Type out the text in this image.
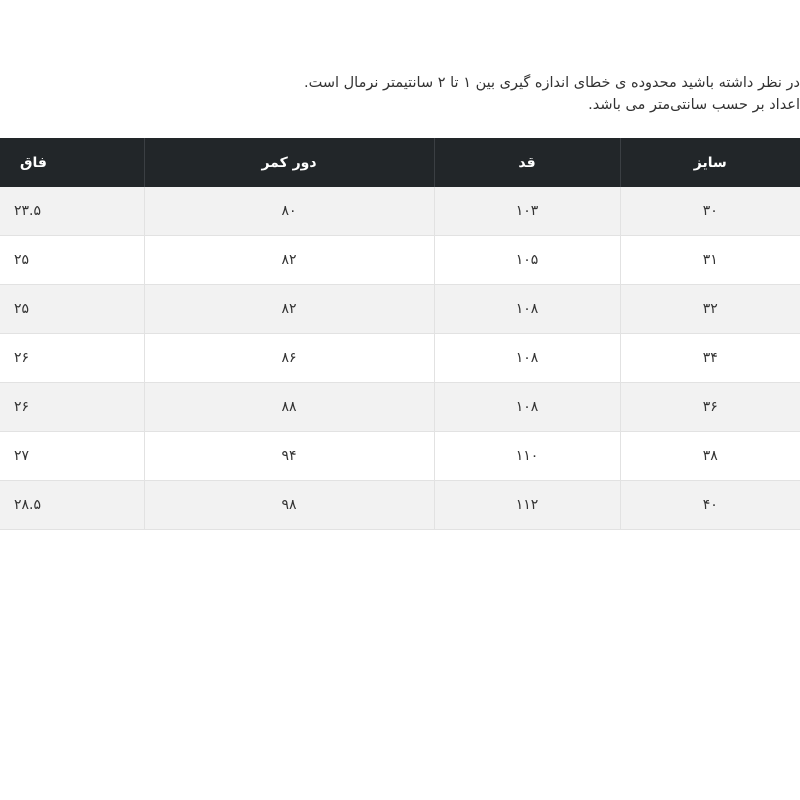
در نظر داشته باشید محدوده ی خطای اندازه گیری بین ۱ تا ۲ سانتیمتر نرمال است.

اعداد بر حسب سانتی‌متر می باشد.

فاق	دور کمر	قد	سایز
۲۳.۵	۸۰	۱۰۳	۳۰
۲۵	۸۲	۱۰۵	۳۱
۲۵	۸۲	۱۰۸	۳۲
۲۶	۸۶	۱۰۸	۳۴
۲۶	۸۸	۱۰۸	۳۶
۲۷	۹۴	۱۱۰	۳۸
۲۸.۵	۹۸	۱۱۲	۴۰
